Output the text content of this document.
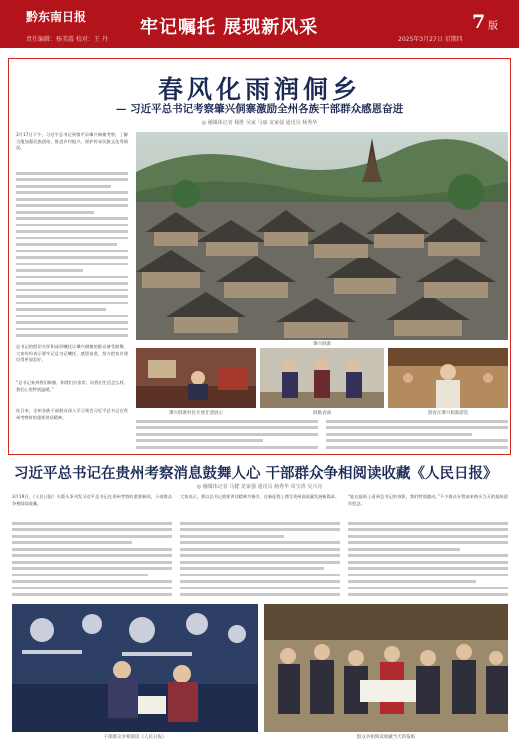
黔东南日报	牢记嘱托 展现新风采	7 版
责任编辑：杨美霞 校对：王 丹	2025年3月27日 星期四
春风化雨润侗乡
— 习近平总书记考察肇兴侗寨激励全州各族干部群众感恩奋进
◎ 融媒体记者 杨胜 吴家 马丽 龙家强 通讯员 杨秀华
3月17日下午，习近平总书记到黎平县肇兴侗寨考察，了解当地加强民族团结、推进乡村振兴、保护传承民族文化等情况。
总书记的殷切关怀和深切嘱托让肇兴侗寨的群众备受鼓舞，大家纷纷表示要牢记总书记嘱托，感恩奋进，努力把家乡建设得更加美好。
“总书记来到我们侗寨，和我们拉家常，问我们生活怎么样，我们心里特别温暖。”
连日来，全州各族干部群众深入学习领会习近平总书记在贵州考察时的重要讲话精神。
肇兴侗寨
肇兴侗寨村民开展非遗展示	侗歌表演	游客在肇兴侗寨游览
习近平总书记在贵州考察消息鼓舞人心 干部群众争相阅读收藏《人民日报》
◎ 融媒体记者 马健 龙家强 通讯员 杨秀华 周宝清 吴兴亮
3月19日，《人民日报》头版头条刊发习近平总书记在贵州考察的重要新闻，干部群众争相阅读收藏。
大家表示，要以总书记重要讲话精神为指引，在新征程上谱写贵州高质量发展新篇章。 “能在报纸上看到总书记的身影，我们特别激动。”不少群众专程前来购买当天的报纸留作纪念。
干部群众争相阅读《人民日报》	群众争相阅读收藏当天的报纸
